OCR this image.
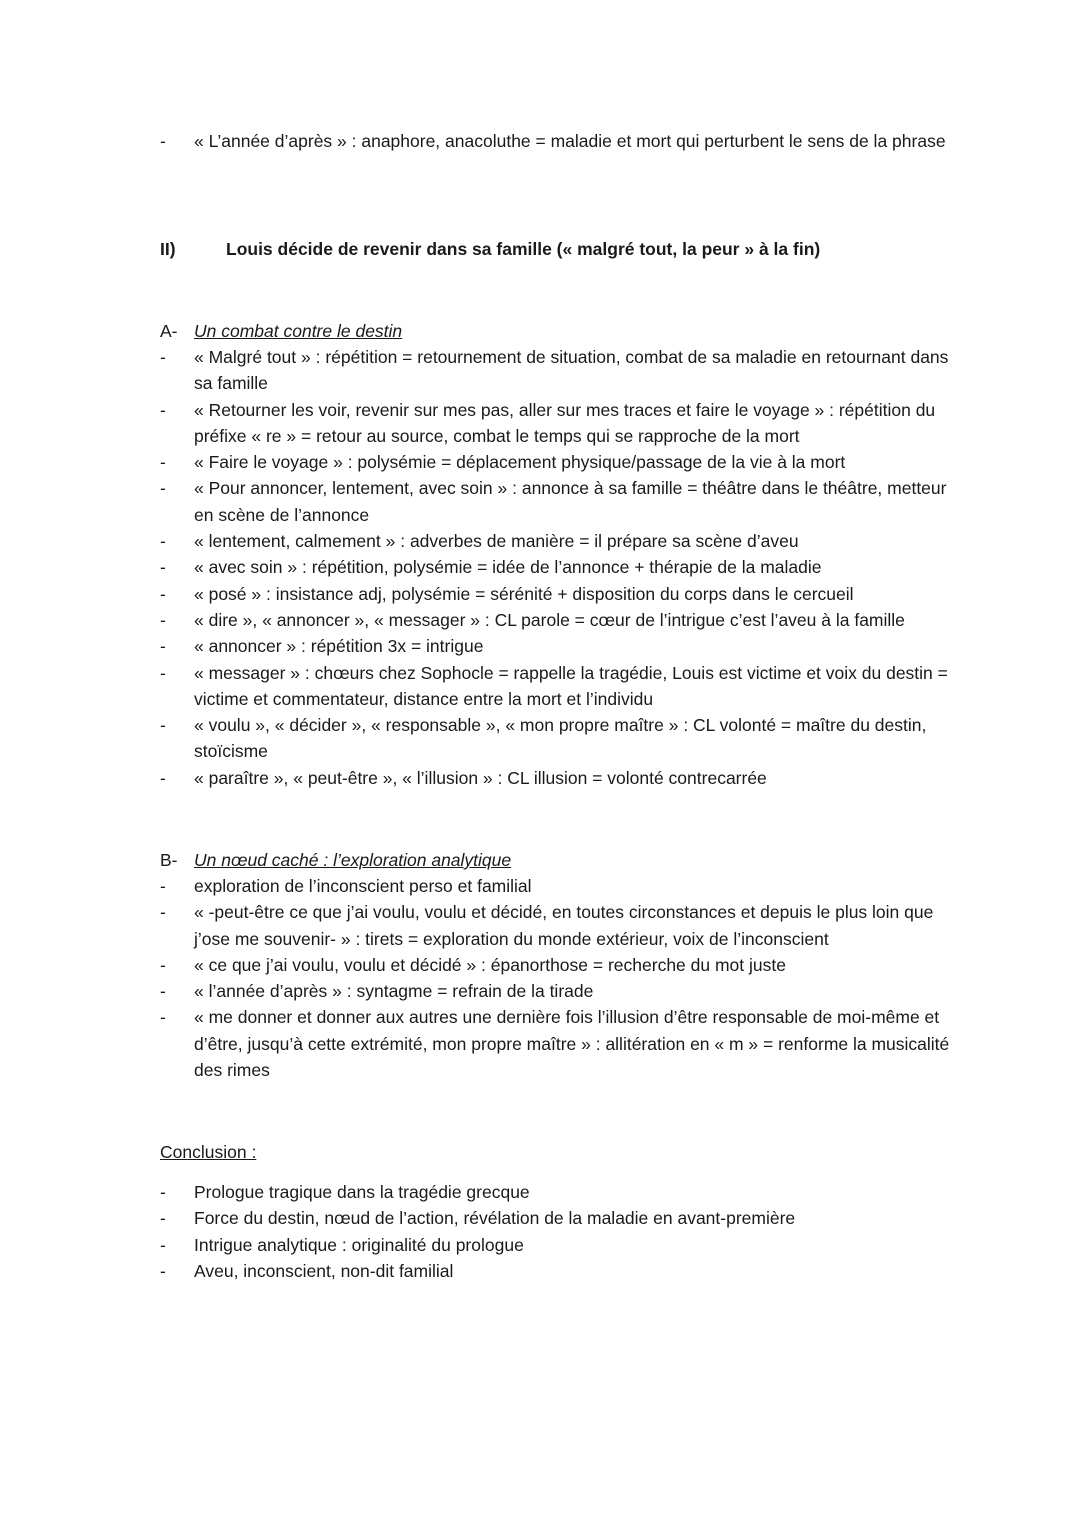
- « L’année d’après » : anaphore, anacoluthe = maladie et mort qui perturbent le sens de la phrase
II)	Louis décide de revenir dans sa famille (« malgré tout, la peur » à la fin)
A- Un combat contre le destin
- « Malgré tout » : répétition = retournement de situation, combat de sa maladie en retournant dans sa famille
- « Retourner les voir, revenir sur mes pas, aller sur mes traces et faire le voyage » : répétition du préfixe « re » = retour au source, combat le temps qui se rapproche de la mort
- « Faire le voyage » : polysémie = déplacement physique/passage de la vie à la mort
- « Pour annoncer, lentement, avec soin » : annonce à sa famille = théâtre dans le théâtre, metteur en scène de l’annonce
- « lentement, calmement » : adverbes de manière = il prépare sa scène d’aveu
- « avec soin » : répétition, polysémie = idée de l’annonce + thérapie de la maladie
- « posé » : insistance adj, polysémie = sérénité + disposition du corps dans le cercueil
- « dire », « annoncer », « messager » : CL parole = cœur de l’intrigue c’est l’aveu à la famille
- « annoncer » : répétition 3x = intrigue
- « messager » : chœurs chez Sophocle = rappelle la tragédie, Louis est victime et voix du destin = victime et commentateur, distance entre la mort et l’individu
- « voulu », « décider », « responsable », « mon propre maître » : CL volonté = maître du destin, stoïcisme
- « paraître », « peut-être », « l’illusion » : CL illusion = volonté contrecarrée
B- Un nœud caché : l’exploration analytique
- exploration de l’inconscient perso et familial
- « -peut-être ce que j’ai voulu, voulu et décidé, en toutes circonstances et depuis le plus loin que j’ose me souvenir- » : tirets = exploration du monde extérieur, voix de l’inconscient
- « ce que j’ai voulu, voulu et décidé » : épanorthose = recherche du mot juste
- « l’année d’après » : syntagme = refrain de la tirade
- « me donner et donner aux autres une dernière fois l’illusion d’être responsable de moi-même et d’être, jusqu’à cette extrémité, mon propre maître » : allitération en « m » = renforme la musicalité des rimes
Conclusion :
- Prologue tragique dans la tragédie grecque
- Force du destin, nœud de l’action, révélation de la maladie en avant-première
- Intrigue analytique : originalité du prologue
- Aveu, inconscient, non-dit familial
